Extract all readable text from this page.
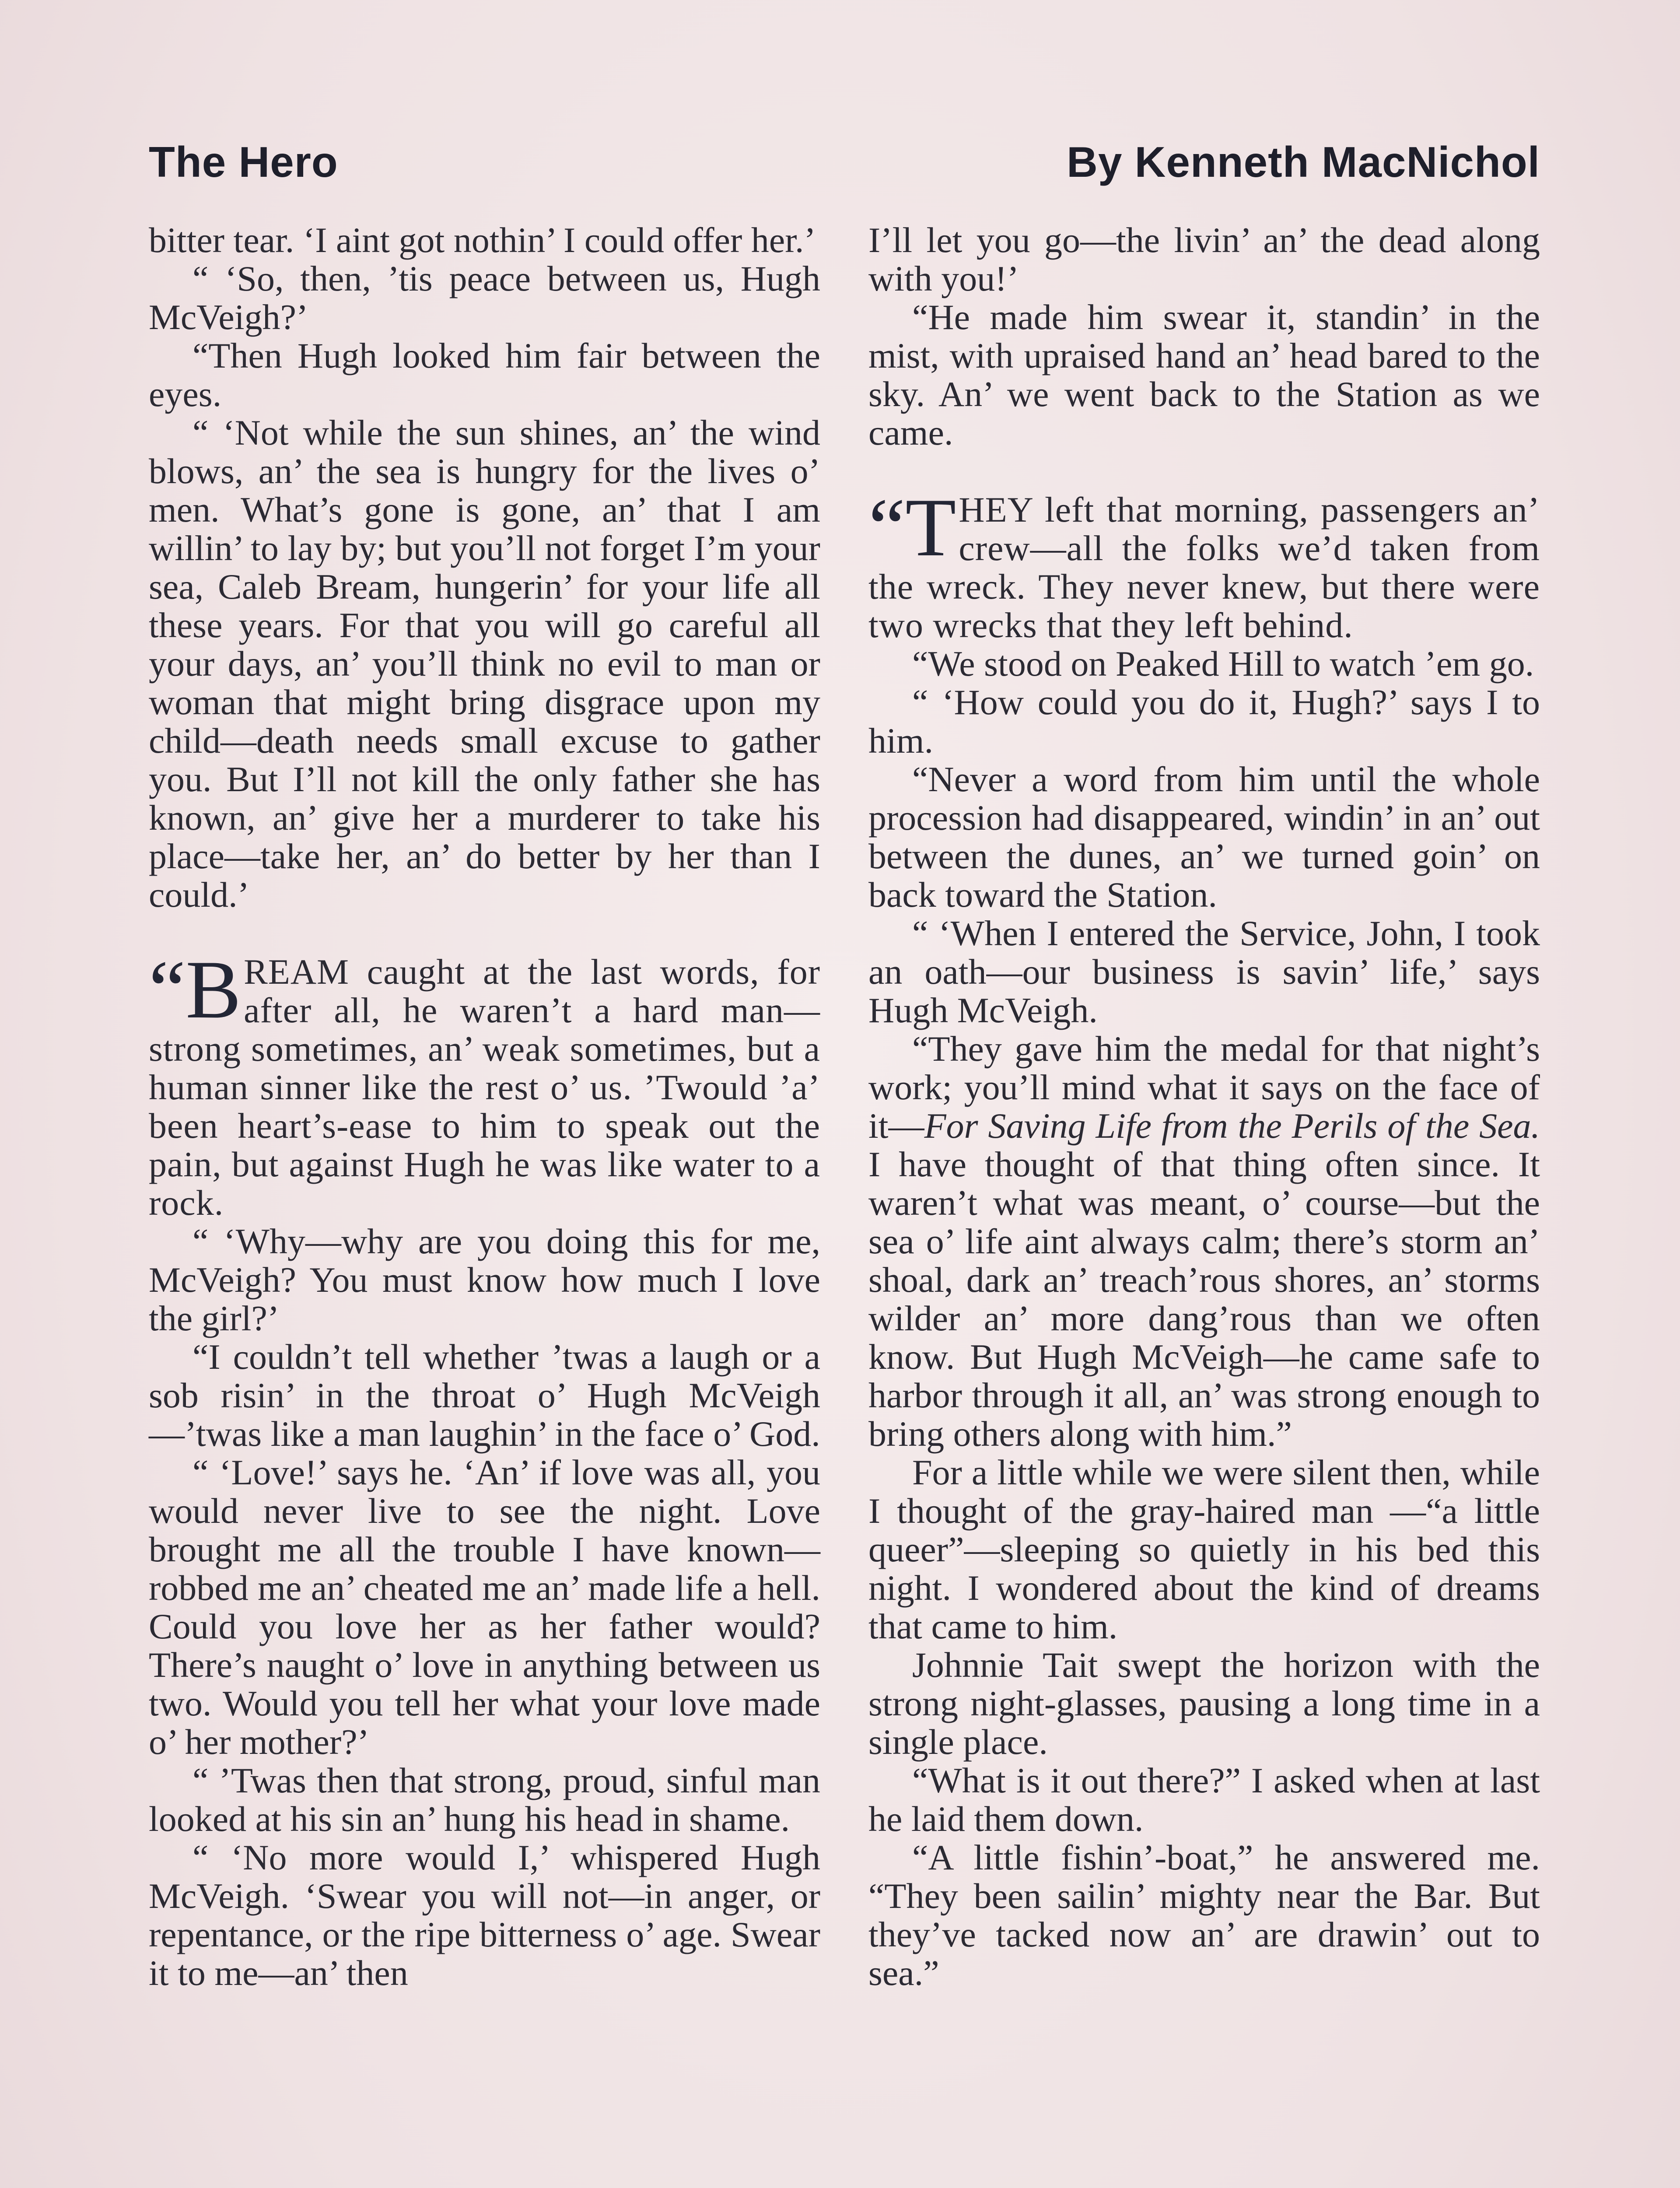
The Hero	By Kenneth MacNichol

bitter tear. ‘I aint got nothin’ I could offer her.’

“ ‘So, then, ’tis peace between us, Hugh McVeigh?’

“Then Hugh looked him fair between the eyes.

“ ‘Not while the sun shines, an’ the wind blows, an’ the sea is hungry for the lives o’ men. What’s gone is gone, an’ that I am willin’ to lay by; but you’ll not forget I’m your sea, Caleb Bream, hungerin’ for your life all these years. For that you will go careful all your days, an’ you’ll think no evil to man or woman that might bring disgrace upon my child—death needs small excuse to gather you. But I’ll not kill the only father she has known, an’ give her a murderer to take his place—take her, an’ do better by her than I could.’

“B REAM caught at the last words, for after all, he waren’t a hard man—strong sometimes, an’ weak sometimes, but a human sinner like the rest o’ us. ’Twould ’a’ been heart’s-ease to him to speak out the pain, but against Hugh he was like water to a rock.

“ ‘Why—why are you doing this for me, McVeigh? You must know how much I love the girl?’

“I couldn’t tell whether ’twas a laugh or a sob risin’ in the throat o’ Hugh McVeigh—’twas like a man laughin’ in the face o’ God.

“ ‘Love!’ says he. ‘An’ if love was all, you would never live to see the night. Love brought me all the trouble I have known—robbed me an’ cheated me an’ made life a hell. Could you love her as her father would? There’s naught o’ love in anything between us two. Would you tell her what your love made o’ her mother?’

“ ’Twas then that strong, proud, sinful man looked at his sin an’ hung his head in shame.

“ ‘No more would I,’ whispered Hugh McVeigh. ‘Swear you will not—in anger, or repentance, or the ripe bitterness o’ age. Swear it to me—an’ then

I’ll let you go—the livin’ an’ the dead along with you!’

“He made him swear it, standin’ in the mist, with upraised hand an’ head bared to the sky. An’ we went back to the Station as we came.

“T HEY left that morning, passengers an’ crew—all the folks we’d taken from the wreck. They never knew, but there were two wrecks that they left behind.

“We stood on Peaked Hill to watch ’em go.

“ ‘How could you do it, Hugh?’ says I to him.

“Never a word from him until the whole procession had disappeared, windin’ in an’ out between the dunes, an’ we turned goin’ on back toward the Station.

“ ‘When I entered the Service, John, I took an oath—our business is savin’ life,’ says Hugh McVeigh.

“They gave him the medal for that night’s work; you’ll mind what it says on the face of it—For Saving Life from the Perils of the Sea. I have thought of that thing often since. It waren’t what was meant, o’ course—but the sea o’ life aint always calm; there’s storm an’ shoal, dark an’ treach’rous shores, an’ storms wilder an’ more dang’rous than we often know. But Hugh McVeigh—he came safe to harbor through it all, an’ was strong enough to bring others along with him.”

For a little while we were silent then, while I thought of the gray-haired man —“a little queer”—sleeping so quietly in his bed this night. I wondered about the kind of dreams that came to him.

Johnnie Tait swept the horizon with the strong night-glasses, pausing a long time in a single place.

“What is it out there?” I asked when at last he laid them down.

“A little fishin’-boat,” he answered me. “They been sailin’ mighty near the Bar. But they’ve tacked now an’ are drawin’ out to sea.”
